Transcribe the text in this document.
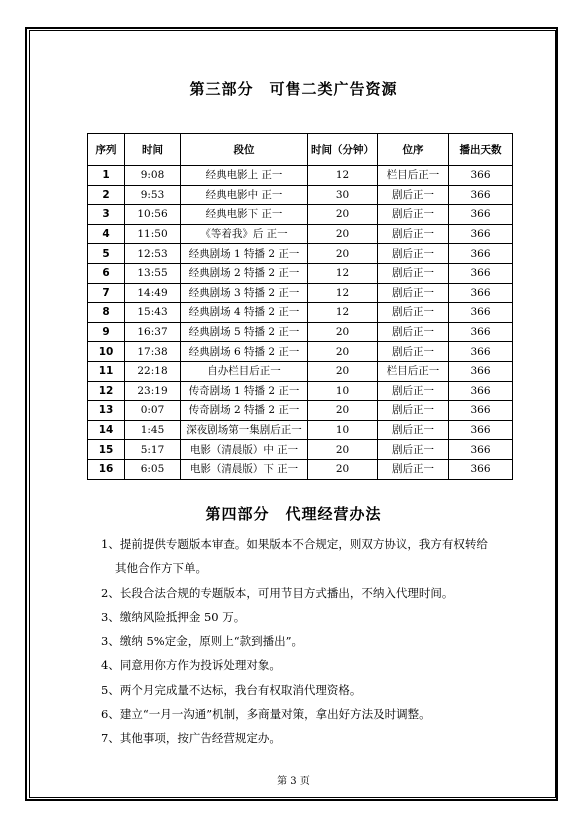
第三部分　可售二类广告资源
序列	时间	段位	时间（分钟）	位序	播出天数
1	9:08	经典电影上 正一	12	栏目后正一	366
2	9:53	经典电影中 正一	30	剧后正一	366
3	10:56	经典电影下 正一	20	剧后正一	366
4	11:50	《等着我》后 正一	20	剧后正一	366
5	12:53	经典剧场 1 特播 2 正一	20	剧后正一	366
6	13:55	经典剧场 2 特播 2 正一	12	剧后正一	366
7	14:49	经典剧场 3 特播 2 正一	12	剧后正一	366
8	15:43	经典剧场 4 特播 2 正一	12	剧后正一	366
9	16:37	经典剧场 5 特播 2 正一	20	剧后正一	366
10	17:38	经典剧场 6 特播 2 正一	20	剧后正一	366
11	22:18	自办栏目后正一	20	栏目后正一	366
12	23:19	传奇剧场 1 特播 2 正一	10	剧后正一	366
13	0:07	传奇剧场 2 特播 2 正一	20	剧后正一	366
14	1:45	深夜剧场第一集剧后正一	10	剧后正一	366
15	5:17	电影（清晨版）中 正一	20	剧后正一	366
16	6:05	电影（清晨版）下 正一	20	剧后正一	366
第四部分　代理经营办法

1、提前提供专题版本审查。如果版本不合规定，则双方协议，我方有权转给

其他合作方下单。

2、长段合法合规的专题版本，可用节目方式播出，不纳入代理时间。

3、缴纳风险抵押金 50 万。

3、缴纳 5%定金，原则上“款到播出”。

4、同意用你方作为投诉处理对象。

5、两个月完成量不达标，我台有权取消代理资格。

6、建立“一月一沟通”机制，多商量对策，拿出好方法及时调整。

7、其他事项，按广告经营规定办。

第 3 页
